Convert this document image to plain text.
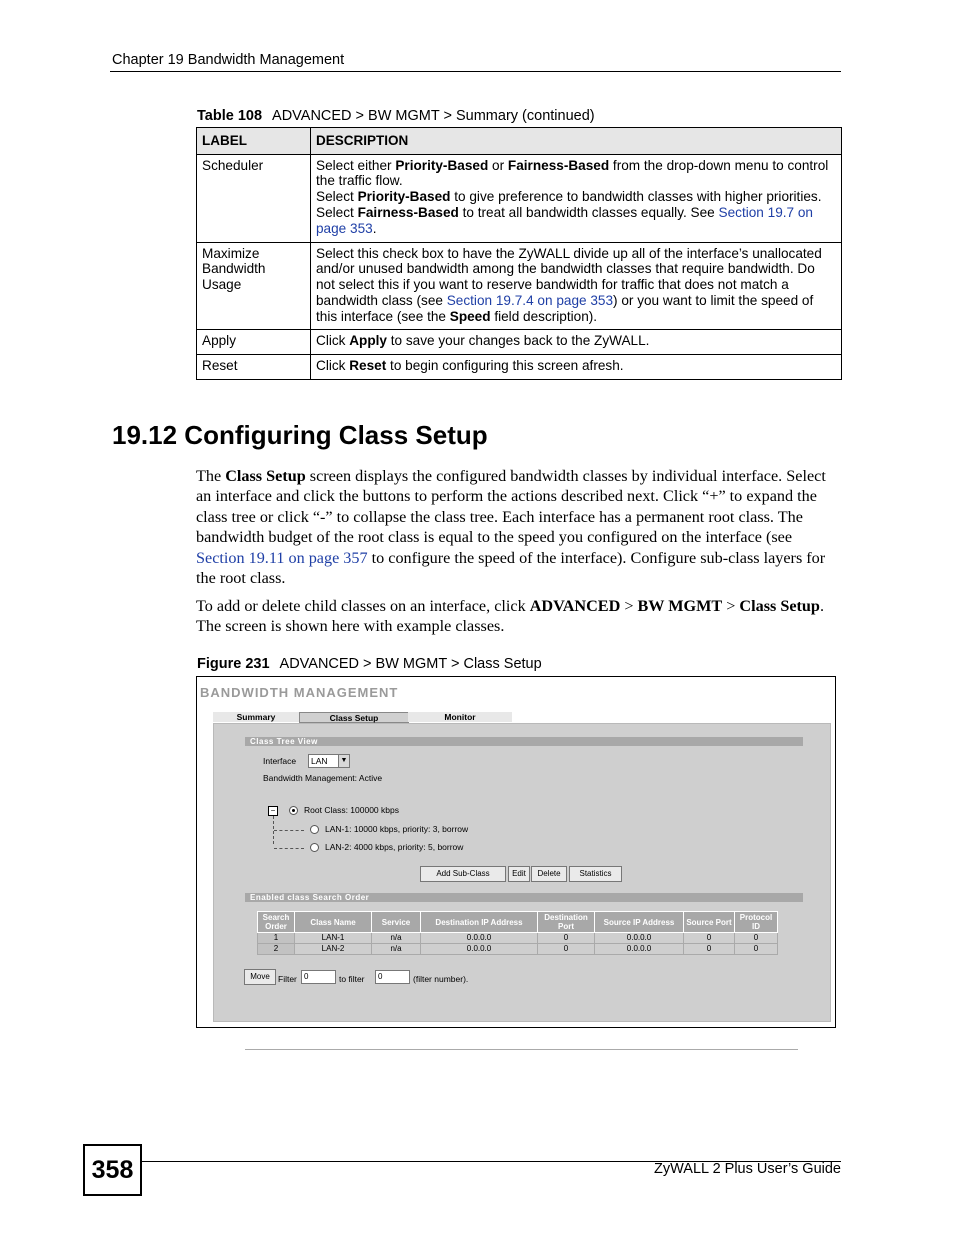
Chapter 19 Bandwidth Management
Table 108 ADVANCED > BW MGMT > Summary (continued)
LABEL	DESCRIPTION
Scheduler	Select either Priority-Based or Fairness-Based from the drop-down menu to control the traffic flow.

Select Priority-Based to give preference to bandwidth classes with higher priorities.

Select Fairness-Based to treat all bandwidth classes equally. See Section 19.7 on page 353.

Maximize Bandwidth Usage	Select this check box to have the ZyWALL divide up all of the interface’s unallocated and/or unused bandwidth among the bandwidth classes that require bandwidth. Do not select this if you want to reserve bandwidth for traffic that does not match a bandwidth class (see Section 19.7.4 on page 353) or you want to limit the speed of this interface (see the Speed field description).
Apply	Click Apply to save your changes back to the ZyWALL.
Reset	Click Reset to begin configuring this screen afresh.
19.12 Configuring Class Setup

The Class Setup screen displays the configured bandwidth classes by individual interface. Select an interface and click the buttons to perform the actions described next. Click “+” to expand the class tree or click “-” to collapse the class tree. Each interface has a permanent root class. The bandwidth budget of the root class is equal to the speed you configured on the interface (see Section 19.11 on page 357 to configure the speed of the interface). Configure sub-class layers for the root class.

To add or delete child classes on an interface, click ADVANCED > BW MGMT > Class Setup. The screen is shown here with example classes.

Figure 231 ADVANCED > BW MGMT > Class Setup
BANDWIDTH MANAGEMENT
Summary	Class Setup	Monitor
Class Tree View
Interface	LAN	▼
Bandwidth Management: Active
−	Root Class: 100000 kbps
LAN-1: 10000 kbps, priority: 3, borrow
LAN-2: 4000 kbps, priority: 5, borrow
Add Sub-Class	Edit	Delete	Statistics
Enabled class Search Order
Search Order	Class Name	Service	Destination IP Address	Destination Port	Source IP Address	Source Port	Protocol ID
1	LAN-1	n/a	0.0.0.0	0	0.0.0.0	0	0
2	LAN-2	n/a	0.0.0.0	0	0.0.0.0	0	0
Move Filter 0	to filter	0	(filter number).
358	ZyWALL 2 Plus User’s Guide
